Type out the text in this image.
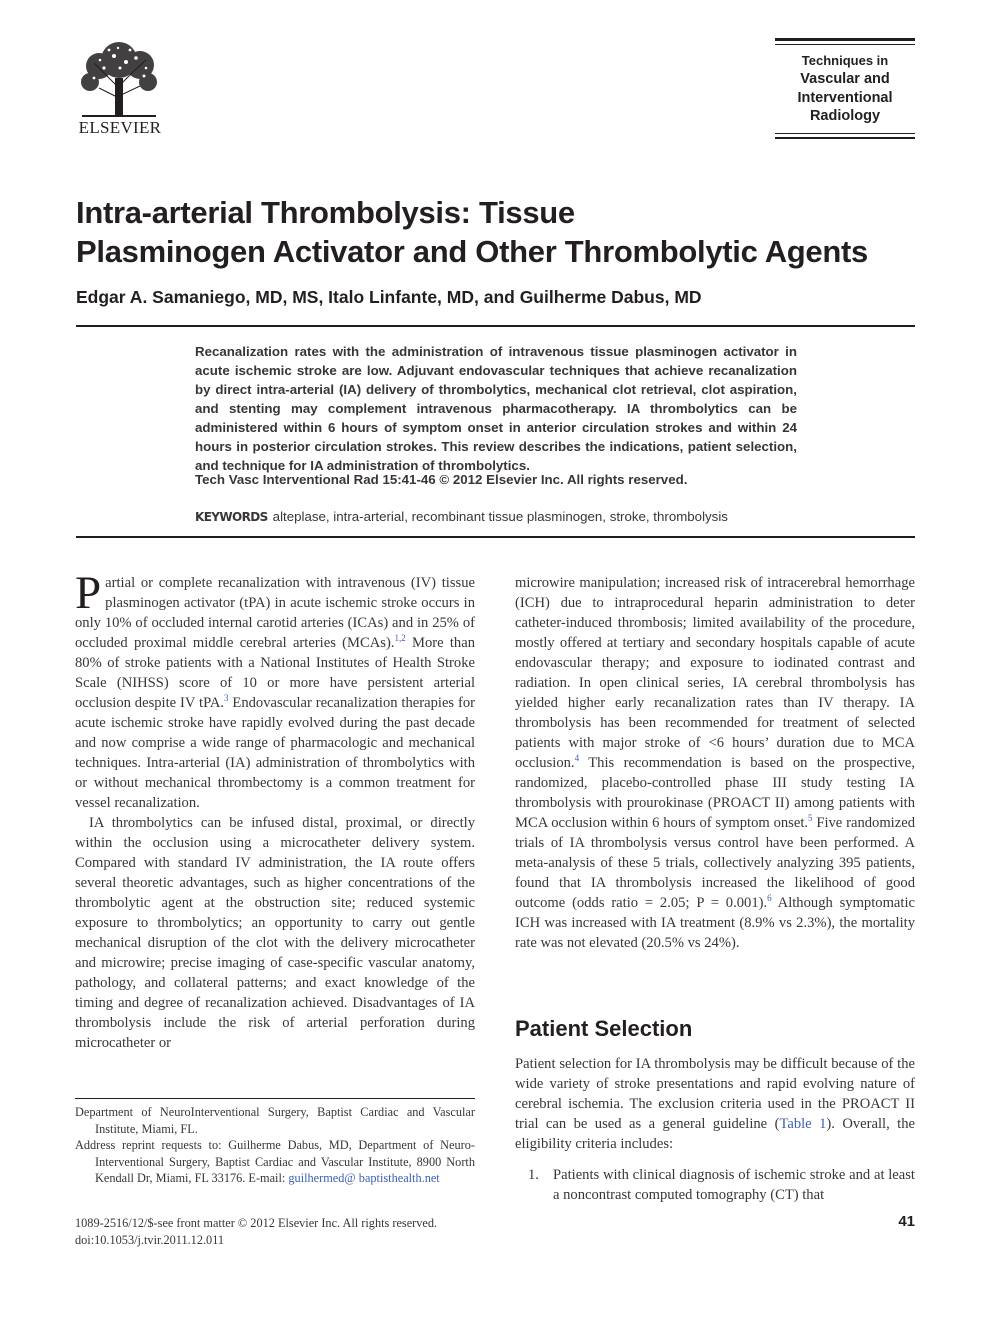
ELSEVIER
Techniques in
Vascular and
Interventional
Radiology
Intra-arterial Thrombolysis: Tissue
Plasminogen Activator and Other Thrombolytic Agents
Edgar A. Samaniego, MD, MS, Italo Linfante, MD, and Guilherme Dabus, MD
Recanalization rates with the administration of intravenous tissue plasminogen activator in acute ischemic stroke are low. Adjuvant endovascular techniques that achieve recanalization by direct intra-arterial (IA) delivery of thrombolytics, mechanical clot retrieval, clot aspiration, and stenting may complement intravenous pharmacotherapy. IA thrombolytics can be administered within 6 hours of symptom onset in anterior circulation strokes and within 24 hours in posterior circulation strokes. This review describes the indications, patient selection, and technique for IA administration of thrombolytics.
Tech Vasc Interventional Rad 15:41-46 © 2012 Elsevier Inc. All rights reserved.
KEYWORDS alteplase, intra-arterial, recombinant tissue plasminogen, stroke, thrombolysis

Partial or complete recanalization with intravenous (IV) tissue plasminogen activator (tPA) in acute ischemic stroke occurs in only 10% of occluded internal carotid arteries (ICAs) and in 25% of occluded proximal middle cerebral arteries (MCAs).$^{1,2}$ More than 80% of stroke patients with a National Institutes of Health Stroke Scale (NIHSS) score of 10 or more have persistent arterial occlusion despite IV tPA.$^3$ Endovascular recanalization therapies for acute ischemic stroke have rapidly evolved during the past decade and now comprise a wide range of pharmacologic and mechanical techniques. Intra-arterial (IA) administration of thrombolytics with or without mechanical thrombectomy is a common treatment for vessel recanalization.

IA thrombolytics can be infused distal, proximal, or directly within the occlusion using a microcatheter delivery system. Compared with standard IV administration, the IA route offers several theoretic advantages, such as higher concentrations of the thrombolytic agent at the obstruction site; reduced systemic exposure to thrombolytics; an opportunity to carry out gentle mechanical disruption of the clot with the delivery microcatheter and microwire; precise imaging of case-specific vascular anatomy, pathology, and collateral patterns; and exact knowledge of the timing and degree of recanalization achieved. Disadvantages of IA thrombolysis include the risk of arterial perforation during microcatheter or

Department of NeuroInterventional Surgery, Baptist Cardiac and Vascular Institute, Miami, FL.

Address reprint requests to: Guilherme Dabus, MD, Department of NeuroInterventional Surgery, Baptist Cardiac and Vascular Institute, 8900 North Kendall Dr, Miami, FL 33176. E-mail: guilhermed@ baptisthealth.net

microwire manipulation; increased risk of intracerebral hemorrhage (ICH) due to intraprocedural heparin administration to deter catheter-induced thrombosis; limited availability of the procedure, mostly offered at tertiary and secondary hospitals capable of acute endovascular therapy; and exposure to iodinated contrast and radiation. In open clinical series, IA cerebral thrombolysis has yielded higher early recanalization rates than IV therapy. IA thrombolysis has been recommended for treatment of selected patients with major stroke of <6 hours’ duration due to MCA occlusion.$^4$ This recommendation is based on the prospective, randomized, placebo-controlled phase III study testing IA thrombolysis with prourokinase (PROACT II) among patients with MCA occlusion within 6 hours of symptom onset.$^5$ Five randomized trials of IA thrombolysis versus control have been performed. A meta-analysis of these 5 trials, collectively analyzing 395 patients, found that IA thrombolysis increased the likelihood of good outcome (odds ratio = 2.05; P = 0.001).$^6$ Although symptomatic ICH was increased with IA treatment (8.9% vs 2.3%), the mortality rate was not elevated (20.5% vs 24%).

Patient Selection
Patient selection for IA thrombolysis may be difficult because of the wide variety of stroke presentations and rapid evolving nature of cerebral ischemia. The exclusion criteria used in the PROACT II trial can be used as a general guideline (Table 1). Overall, the eligibility criteria includes:
1. Patients with clinical diagnosis of ischemic stroke and at least a noncontrast computed tomography (CT) that
1089-2516/12/$-see front matter © 2012 Elsevier Inc. All rights reserved.
doi:10.1053/j.tvir.2011.12.011
41
